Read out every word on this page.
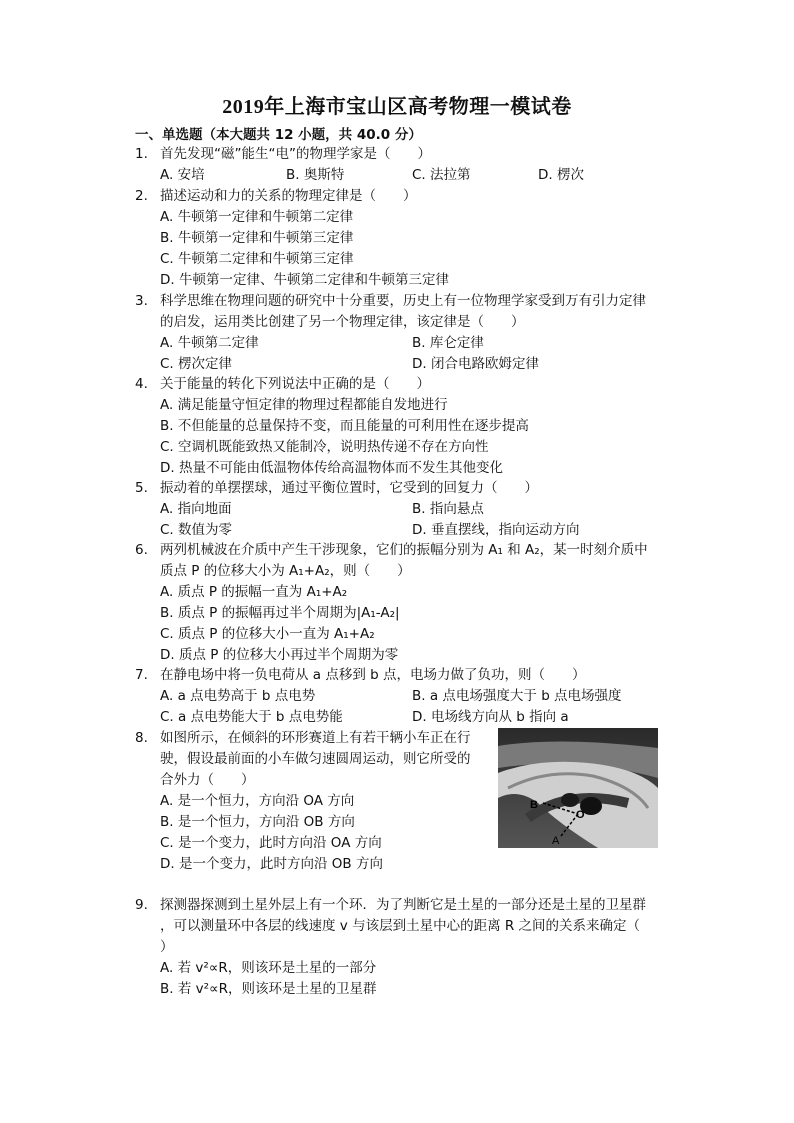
2019年上海市宝山区高考物理一模试卷
一、单选题（本大题共 12 小题，共 40.0 分）
1. 首先发现“磁”能生“电”的物理学家是（　　）
A. 安培	B. 奥斯特	C. 法拉第	D. 楞次
2. 描述运动和力的关系的物理定律是（　　）
A. 牛顿第一定律和牛顿第二定律
B. 牛顿第一定律和牛顿第三定律
C. 牛顿第二定律和牛顿第三定律
D. 牛顿第一定律、牛顿第二定律和牛顿第三定律
3. 科学思维在物理问题的研究中十分重要，历史上有一位物理学家受到万有引力定律
的启发，运用类比创建了另一个物理定律，该定律是（　　）
A. 牛顿第二定律	B. 库仑定律
C. 楞次定律	D. 闭合电路欧姆定律
4. 关于能量的转化下列说法中正确的是（　　）
A. 满足能量守恒定律的物理过程都能自发地进行
B. 不但能量的总量保持不变，而且能量的可利用性在逐步提高
C. 空调机既能致热又能制冷，说明热传递不存在方向性
D. 热量不可能由低温物体传给高温物体而不发生其他变化
5. 振动着的单摆摆球，通过平衡位置时，它受到的回复力（　　）
A. 指向地面	B. 指向悬点
C. 数值为零	D. 垂直摆线，指向运动方向
6. 两列机械波在介质中产生干涉现象，它们的振幅分别为 A₁ 和 A₂，某一时刻介质中
质点 P 的位移大小为 A₁+A₂，则（　　）
A. 质点 P 的振幅一直为 A₁+A₂
B. 质点 P 的振幅再过半个周期为|A₁-A₂|
C. 质点 P 的位移大小一直为 A₁+A₂
D. 质点 P 的位移大小再过半个周期为零
7. 在静电场中将一负电荷从 a 点移到 b 点，电场力做了负功，则（　　）
A. a 点电势高于 b 点电势	B. a 点电场强度大于 b 点电场强度
C. a 点电势能大于 b 点电势能	D. 电场线方向从 b 指向 a
8. 如图所示，在倾斜的环形赛道上有若干辆小车正在行
驶，假设最前面的小车做匀速圆周运动，则它所受的
合外力（　　）
A. 是一个恒力，方向沿 OA 方向
B. 是一个恒力，方向沿 OB 方向
C. 是一个变力，此时方向沿 OA 方向
D. 是一个变力，此时方向沿 OB 方向
B
O
A
9. 探测器探测到土星外层上有一个环．为了判断它是土星的一部分还是土星的卫星群
，可以测量环中各层的线速度 v 与该层到土星中心的距离 R 之间的关系来确定（
）
A. 若 v²∝R，则该环是土星的一部分
B. 若 v²∝R，则该环是土星的卫星群
